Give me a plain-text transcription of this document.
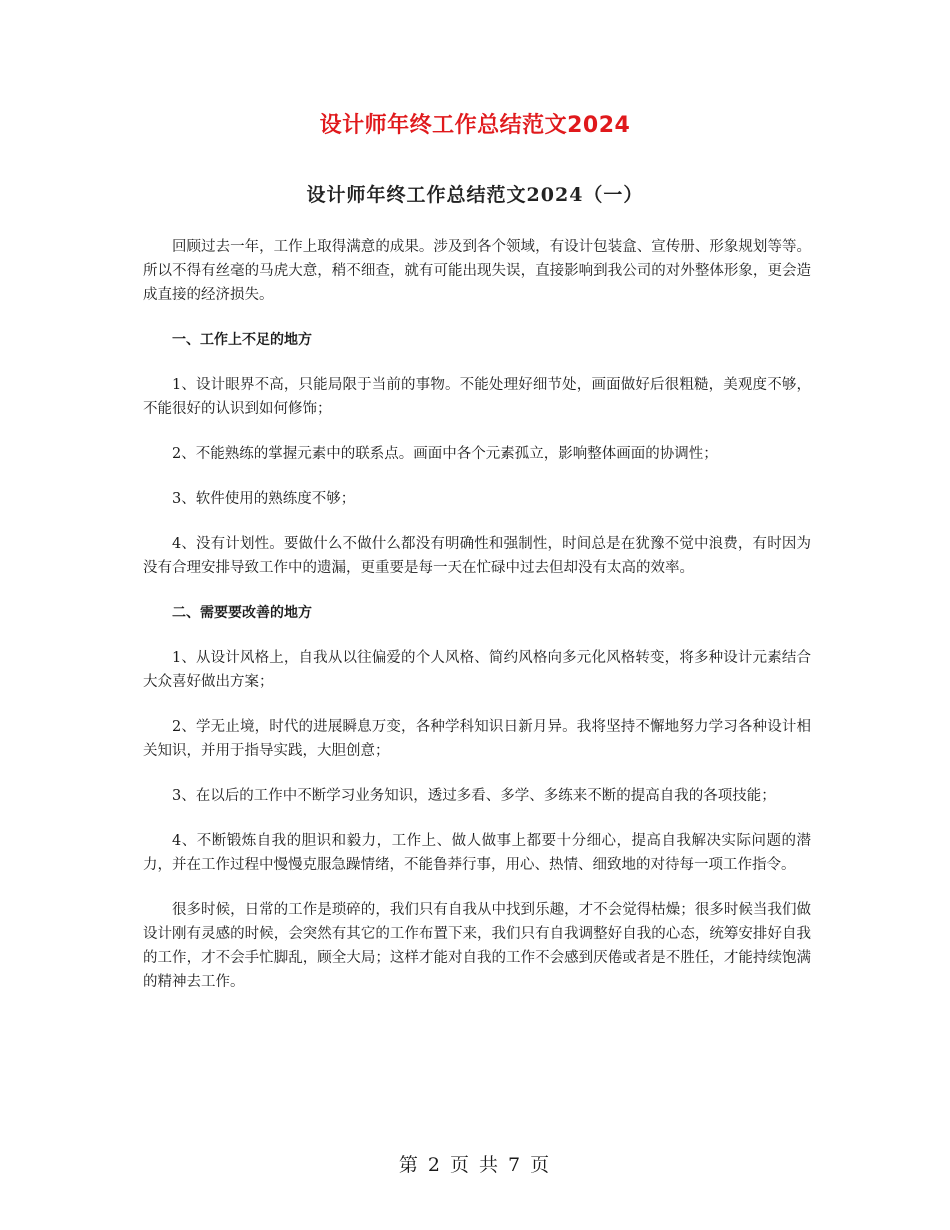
设计师年终工作总结范文2024
设计师年终工作总结范文2024（一）

回顾过去一年，工作上取得满意的成果。涉及到各个领域，有设计包装盒、宣传册、形象规划等等。所以不得有丝毫的马虎大意，稍不细查，就有可能出现失误，直接影响到我公司的对外整体形象，更会造成直接的经济损失。

一、工作上不足的地方

1、设计眼界不高，只能局限于当前的事物。不能处理好细节处，画面做好后很粗糙，美观度不够，不能很好的认识到如何修饰；

2、不能熟练的掌握元素中的联系点。画面中各个元素孤立，影响整体画面的协调性；

3、软件使用的熟练度不够；

4、没有计划性。要做什么不做什么都没有明确性和强制性，时间总是在犹豫不觉中浪费，有时因为没有合理安排导致工作中的遗漏，更重要是每一天在忙碌中过去但却没有太高的效率。

二、需要要改善的地方

1、从设计风格上，自我从以往偏爱的个人风格、简约风格向多元化风格转变，将多种设计元素结合大众喜好做出方案；

2、学无止境，时代的进展瞬息万变，各种学科知识日新月异。我将坚持不懈地努力学习各种设计相关知识，并用于指导实践，大胆创意；

3、在以后的工作中不断学习业务知识，透过多看、多学、多练来不断的提高自我的各项技能；

4、不断锻炼自我的胆识和毅力，工作上、做人做事上都要十分细心，提高自我解决实际问题的潜力，并在工作过程中慢慢克服急躁情绪，不能鲁莽行事，用心、热情、细致地的对待每一项工作指令。

很多时候，日常的工作是琐碎的，我们只有自我从中找到乐趣，才不会觉得枯燥；很多时候当我们做设计刚有灵感的时候，会突然有其它的工作布置下来，我们只有自我调整好自我的心态，统筹安排好自我的工作，才不会手忙脚乱，顾全大局；这样才能对自我的工作不会感到厌倦或者是不胜任，才能持续饱满的精神去工作。

第 2 页 共 7 页
